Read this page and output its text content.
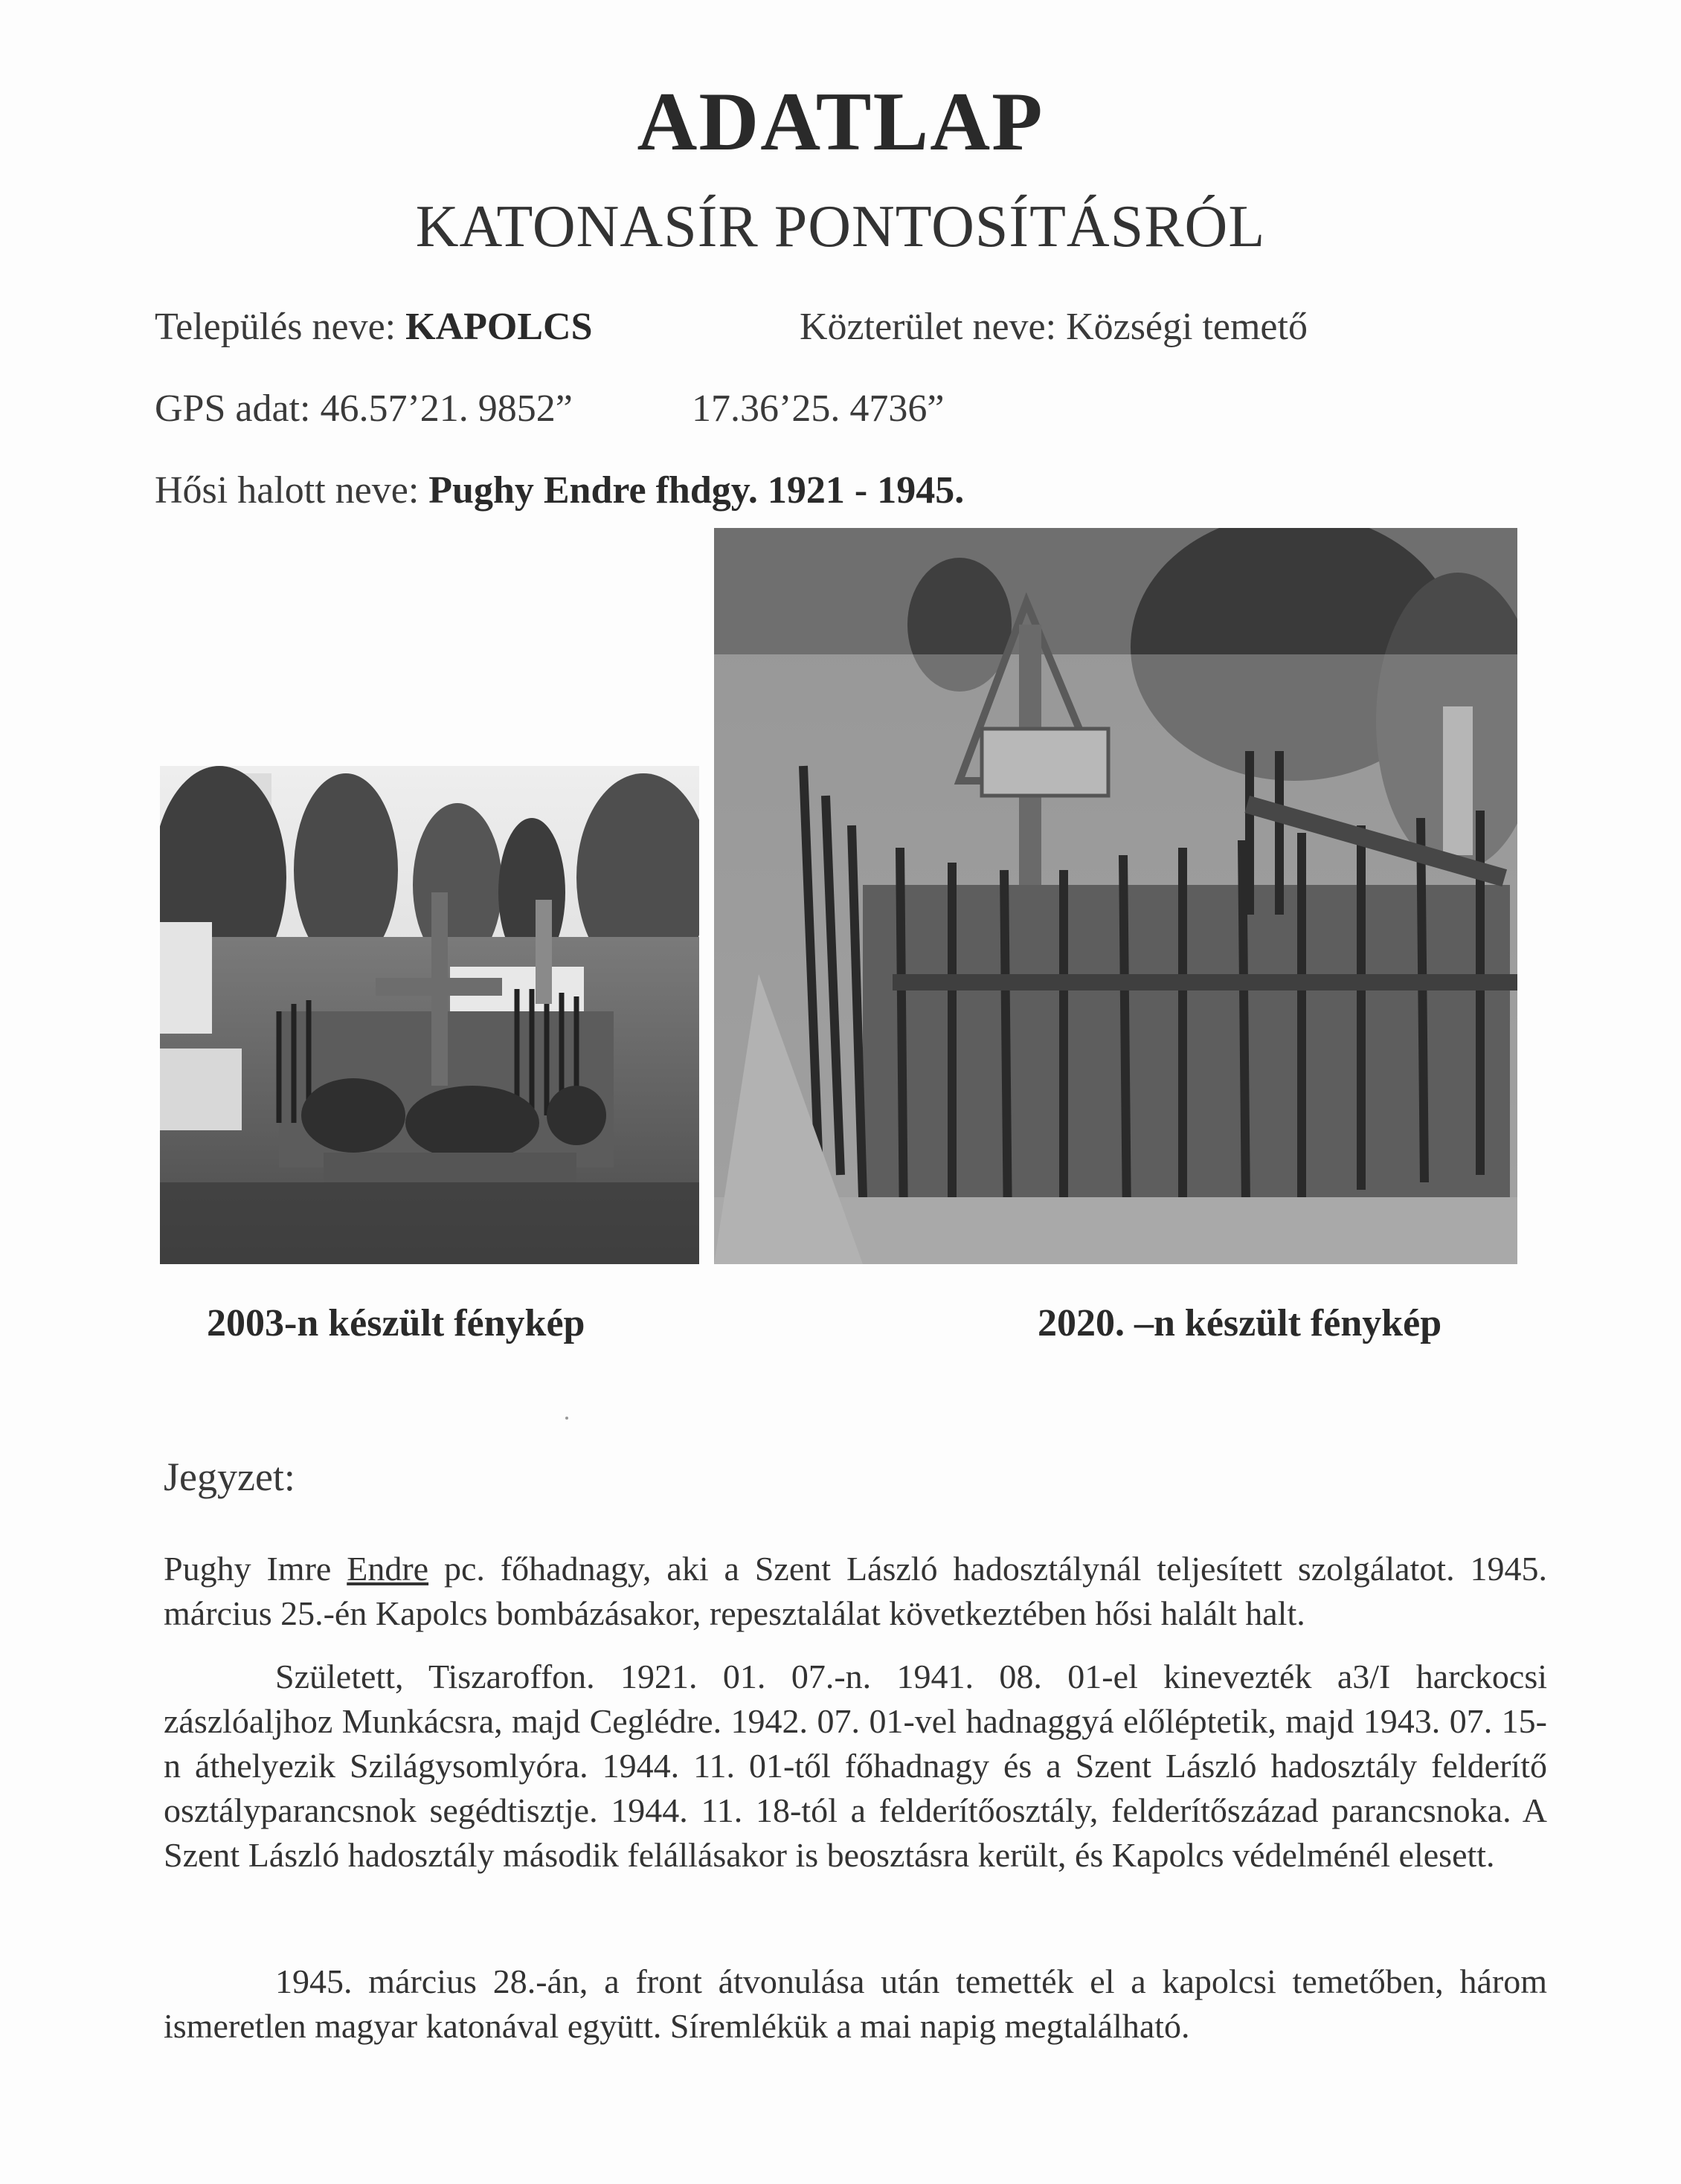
ADATLAP
KATONASÍR PONTOSÍTÁSRÓL
Település neve: KAPOLCS	Közterület neve: Községi temető
GPS adat: 46.57’21. 9852”	17.36’25. 4736”
Hősi halott neve: Pughy Endre fhdgy. 1921 - 1945.
2003-n készült fénykép	2020. –n készült fénykép
Jegyzet:
Pughy Imre Endre pc. főhadnagy, aki a Szent László hadosztálynál teljesített szolgálatot. 1945. március 25.-én Kapolcs bombázásakor, repesztalálat következtében hősi halált halt.
Született, Tiszaroffon. 1921. 01. 07.-n. 1941. 08. 01-el kinevezték a3/I harckocsi zászlóaljhoz Munkácsra, majd Ceglédre. 1942. 07. 01-vel hadnaggyá előléptetik, majd 1943. 07. 15-n áthelyezik Szilágysomlyóra. 1944. 11. 01-től főhadnagy és a Szent László hadosztály felderítő osztályparancsnok segédtisztje. 1944. 11. 18-tól a felderítőosztály, felderítőszázad parancsnoka. A Szent László hadosztály második felállásakor is beosztásra került, és Kapolcs védelménél elesett.
1945. március 28.-án, a front átvonulása után temették el a kapolcsi temetőben, három ismeretlen magyar katonával együtt. Síremlékük a mai napig megtalálható.
